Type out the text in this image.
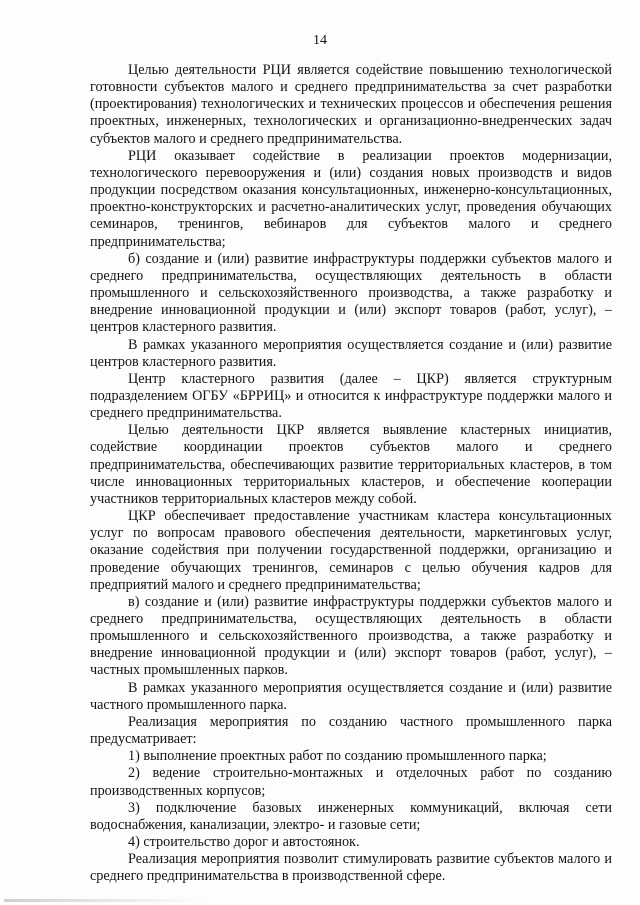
14

Целью деятельности РЦИ является содействие повышению технологической готовности субъектов малого и среднего предпринимательства за счет разработки (проектирования) технологических и технических процессов и обеспечения решения проектных, инженерных, технологических и организационно-внедренческих задач субъектов малого и среднего предпринимательства.

РЦИ оказывает содействие в реализации проектов модернизации, технологического перевооружения и (или) создания новых производств и видов продукции посредством оказания консультационных, инженерно-консультационных, проектно-конструкторских и расчетно-аналитических услуг, проведения обучающих семинаров, тренингов, вебинаров для субъектов малого и среднего предпринимательства;

б) создание и (или) развитие инфраструктуры поддержки субъектов малого и среднего предпринимательства, осуществляющих деятельность в области промышленного и сельскохозяйственного производства, а также разработку и внедрение инновационной продукции и (или) экспорт товаров (работ, услуг), – центров кластерного развития.

В рамках указанного мероприятия осуществляется создание и (или) развитие центров кластерного развития.

Центр кластерного развития (далее – ЦКР) является структурным подразделением ОГБУ «БРРИЦ» и относится к инфраструктуре поддержки малого и среднего предпринимательства.

Целью деятельности ЦКР является выявление кластерных инициатив, содействие координации проектов субъектов малого и среднего предпринимательства, обеспечивающих развитие территориальных кластеров, в том числе инновационных территориальных кластеров, и обеспечение кооперации участников территориальных кластеров между собой.

ЦКР обеспечивает предоставление участникам кластера консультационных услуг по вопросам правового обеспечения деятельности, маркетинговых услуг, оказание содействия при получении государственной поддержки, организацию и проведение обучающих тренингов, семинаров с целью обучения кадров для предприятий малого и среднего предпринимательства;

в) создание и (или) развитие инфраструктуры поддержки субъектов малого и среднего предпринимательства, осуществляющих деятельность в области промышленного и сельскохозяйственного производства, а также разработку и внедрение инновационной продукции и (или) экспорт товаров (работ, услуг), – частных промышленных парков.

В рамках указанного мероприятия осуществляется создание и (или) развитие частного промышленного парка.

Реализация мероприятия по созданию частного промышленного парка предусматривает:

1) выполнение проектных работ по созданию промышленного парка;

2) ведение строительно-монтажных и отделочных работ по созданию производственных корпусов;

3) подключение базовых инженерных коммуникаций, включая сети водоснабжения, канализации, электро- и газовые сети;

4) строительство дорог и автостоянок.

Реализация мероприятия позволит стимулировать развитие субъектов малого и среднего предпринимательства в производственной сфере.
